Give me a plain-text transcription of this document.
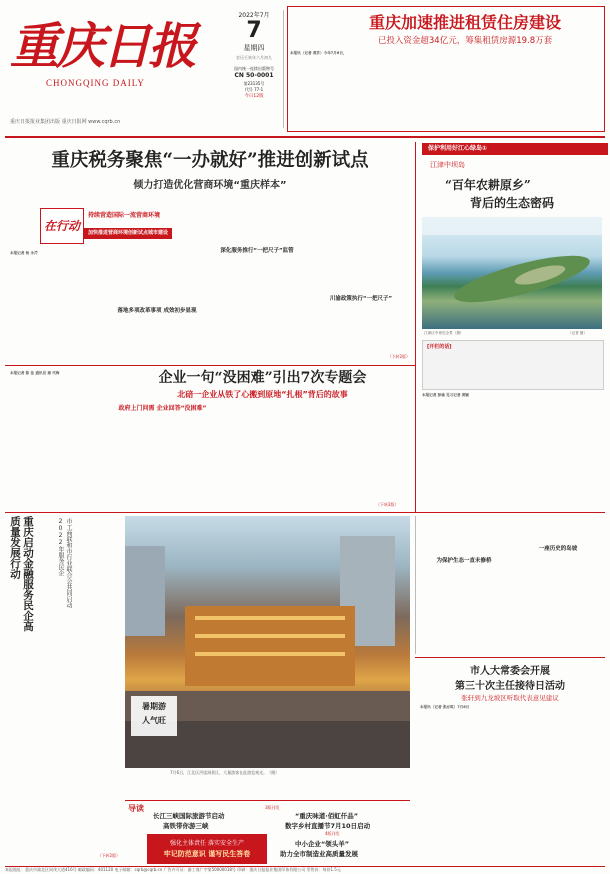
重庆日报
CHONGQING DAILY
重庆日报报业集团出版 重庆日报网 www.cqrb.cn
2022年7月
7
星期四
农历壬寅年六月初九
国内统一连续出版物号
CN 50-0001
第23135号
代号 77-1
今日12版
重庆加速推进租赁住房建设
已投入资金超34亿元，筹集租赁房源19.8万套
本报讯（记者 黄乔）今年7月6日，
重庆税务聚焦“一办就好”推进创新试点
倾力打造优化营商环境“重庆样本”
在行动
持续营造国际一流营商环境
加快推进营商环境创新试点城市建设
本报记者 杨 永芹
落地多项改革事项 成效初步显现
深化服务推行“一把尺子”监管
川渝政策执行“一把尺子”
（下转2版）
保护利用好江心绿岛①
江津中坝岛
“百年农耕原乡”
背后的生态密码
江津区中坝岛全景（摄）	（记者 摄）
[开栏的话]
本报记者 彭瑜 见习记者 黄颖
本报记者 陈 佳 通讯员 秦 代梅	企业一句“没困难”引出7次专题会
北碚一企业从铁了心搬到原地“扎根”背后的故事
政府上门问需 企业回答“没困难”
（下转2版）
重庆启动金融服务民企高质量发展行动	市工商联和市行业联合会共同启动2022年服务民企
（下转2版）
暑期游
人气旺
7月6日，江北区洪崖洞景区，大量游客在此游览观光。（摄）
为保护生态一直未修桥
一座历史的岛坡
市人大常委会开展
第三十次主任接待日活动
张轩到九龙坡区听取代表意见建议
本报讯（记者 张亦筑）7月6日
导读	3版刊发
长江三峡国际旅游节启动
高铁带你游三峡
“重庆味道·佰虹仟品”
数字乡村直播节7月10日启动
4版刊发
中小企业“领头羊”
助力全市制造业高质量发展
强化主体责任 落实安全生产
牢记防范意识 谨写民生答卷
本报地址：重庆市渝北区同茂大道416号 邮政编码：401120 电子邮箱：cqrb@cqrb.cn 广告许可证：渝工商广字第50000018号 印刷：重庆日报报业集团印务有限公司 零售价：每份1.5元
